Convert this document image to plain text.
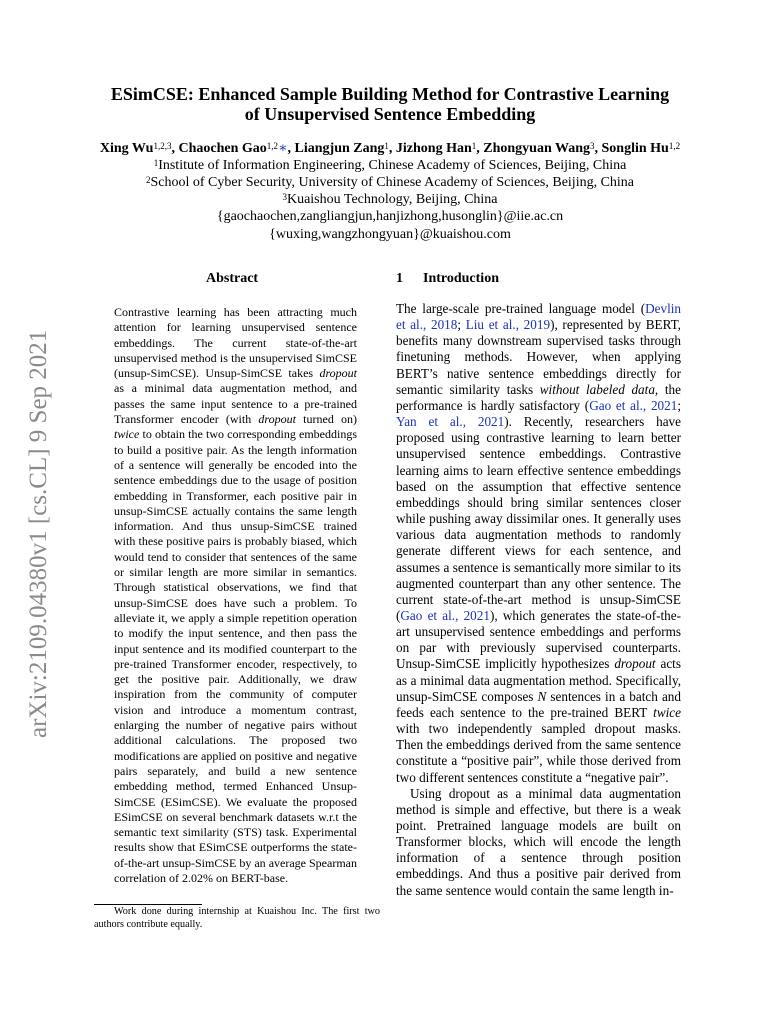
arXiv:2109.04380v1 [cs.CL] 9 Sep 2021
ESimCSE: Enhanced Sample Building Method for Contrastive Learning
of Unsupervised Sentence Embedding
Xing Wu$^{1,2,3}$, Chaochen Gao$^{1,2}$∗, Liangjun Zang$^1$, Jizhong Han$^1$, Zhongyuan Wang$^3$, Songlin Hu$^{1,2}$
$^1$Institute of Information Engineering, Chinese Academy of Sciences, Beijing, China
$^2$School of Cyber Security, University of Chinese Academy of Sciences, Beijing, China
$^3$Kuaishou Technology, Beijing, China
{gaochaochen,zangliangjun,hanjizhong,husonglin}@iie.ac.cn
{wuxing,wangzhongyuan}@kuaishou.com
Abstract
Contrastive learning has been attracting much attention for learning unsupervised sentence embeddings. The current state-of-the-art unsupervised method is the unsupervised SimCSE (unsup-SimCSE). Unsup-SimCSE takes dropout as a minimal data augmentation method, and passes the same input sentence to a pre-trained Transformer encoder (with dropout turned on) twice to obtain the two corresponding embeddings to build a positive pair. As the length information of a sentence will generally be encoded into the sentence embeddings due to the usage of position embedding in Transformer, each positive pair in unsup-SimCSE actually contains the same length information. And thus unsup-SimCSE trained with these positive pairs is probably biased, which would tend to consider that sentences of the same or similar length are more similar in semantics. Through statistical observations, we find that unsup-SimCSE does have such a problem. To alleviate it, we apply a simple repetition operation to modify the input sentence, and then pass the input sentence and its modified counterpart to the pre-trained Transformer encoder, respectively, to get the positive pair. Additionally, we draw inspiration from the community of computer vision and introduce a momentum contrast, enlarging the number of negative pairs without additional calculations. The proposed two modifications are applied on positive and negative pairs separately, and build a new sentence embedding method, termed Enhanced Unsup-SimCSE (ESimCSE). We evaluate the proposed ESimCSE on several benchmark datasets w.r.t the semantic text similarity (STS) task. Experimental results show that ESimCSE outperforms the state-of-the-art unsup-SimCSE by an average Spearman correlation of 2.02% on BERT-base.
1 Introduction

The large-scale pre-trained language model (Devlin et al., 2018; Liu et al., 2019), represented by BERT, benefits many downstream supervised tasks through finetuning methods. However, when applying BERT’s native sentence embeddings directly for semantic similarity tasks without labeled data, the performance is hardly satisfactory (Gao et al., 2021; Yan et al., 2021). Recently, researchers have proposed using contrastive learning to learn better unsupervised sentence embeddings. Contrastive learning aims to learn effective sentence embeddings based on the assumption that effective sentence embeddings should bring similar sentences closer while pushing away dissimilar ones. It generally uses various data augmentation methods to randomly generate different views for each sentence, and assumes a sentence is semantically more similar to its augmented counterpart than any other sentence. The current state-of-the-art method is unsup-SimCSE (Gao et al., 2021), which generates the state-of-the-art unsupervised sentence embeddings and performs on par with previously supervised counterparts. Unsup-SimCSE implicitly hypothesizes dropout acts as a minimal data augmentation method. Specifically, unsup-SimCSE composes N sentences in a batch and feeds each sentence to the pre-trained BERT twice with two independently sampled dropout masks. Then the embeddings derived from the same sentence constitute a “positive pair”, while those derived from two different sentences constitute a “negative pair”.

Using dropout as a minimal data augmentation method is simple and effective, but there is a weak point. Pretrained language models are built on Transformer blocks, which will encode the length information of a sentence through position embeddings. And thus a positive pair derived from the same sentence would contain the same length in-

Work done during internship at Kuaishou Inc. The first two authors contribute equally.
